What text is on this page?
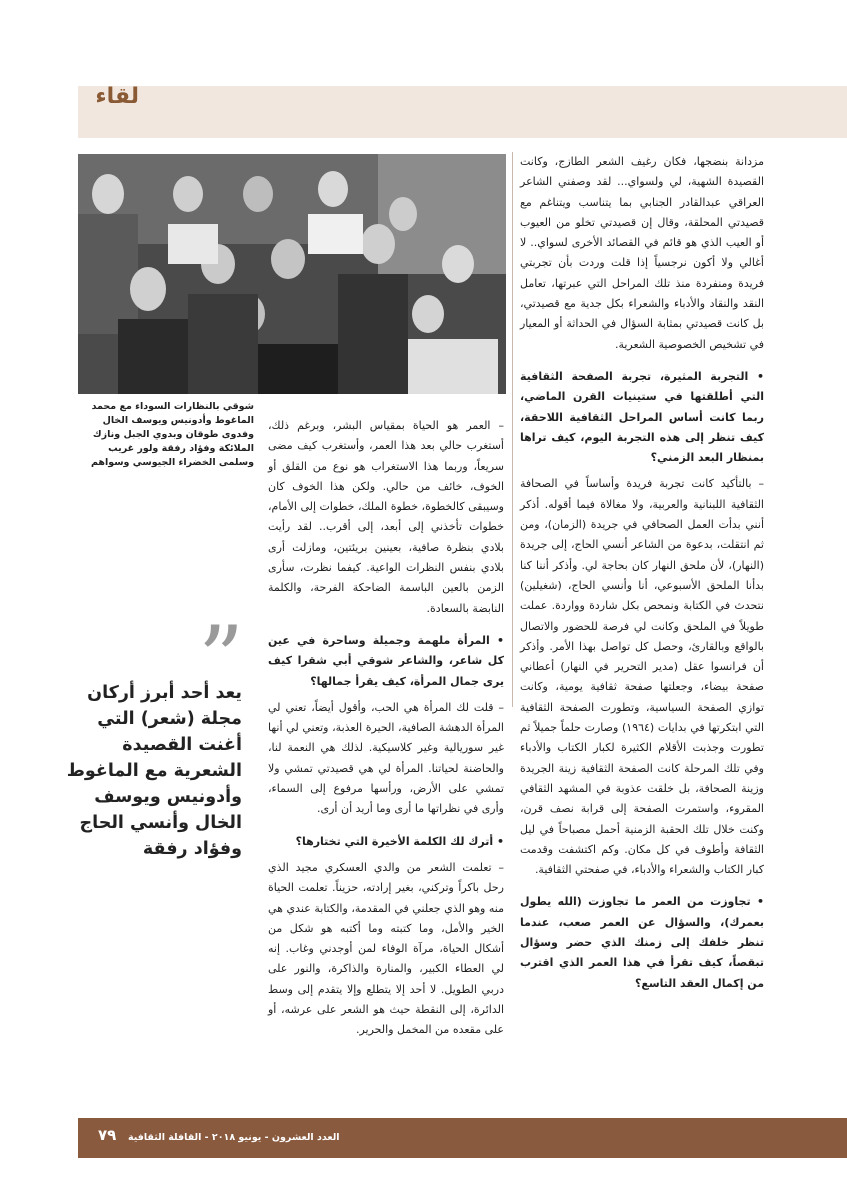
لقاء
شوقي بالنظارات السوداء مع محمد الماغوط وأدونيس ويوسف الخال وفدوى طوقان وبدوي الجبل ونازك الملائكة وفؤاد رفقة ولور غريب وسلمى الخضراء الجيوسي وسواهم
”
يعد أحد أبرز أركان مجلة (شعر) التي أغنت القصيدة الشعرية مع الماغوط وأدونيس ويوسف الخال وأنسي الحاج وفؤاد رفقة

مزدانة بنضجها، فكان رغيف الشعر الطازج، وكانت القصيدة الشهية، لي ولسواي... لقد وصفني الشاعر العراقي عبدالقادر الجنابي بما يتناسب ويتناغم مع قصيدتي المحلقة، وقال إن قصيدتي تخلو من العيوب أو العيب الذي هو قائم في القصائد الأخرى لسواي.. لا أغالي ولا أكون نرجسياً إذا قلت وردت بأن تجربتي فريدة ومنفردة منذ تلك المراحل التي عبرتها، تعامل النقد والنقاد والأدباء والشعراء بكل جدية مع قصيدتي، بل كانت قصيدتي بمثابة السؤال في الحداثة أو المعيار في تشخيص الخصوصية الشعرية.

• التجربة المثيرة، تجربة الصفحة الثقافية التي أطلقتها في ستينيات القرن الماضي، ربما كانت أساس المراحل الثقافية اللاحقة، كيف تنظر إلى هذه التجربة اليوم، كيف تراها بمنظار البعد الزمني؟

– بالتأكيد كانت تجربة فريدة وأساساً في الصحافة الثقافية اللبنانية والعربية، ولا مغالاة فيما أقوله. أذكر أنني بدأت العمل الصحافي في جريدة (الزمان)، ومن ثم انتقلت، بدعوة من الشاعر أنسي الحاج، إلى جريدة (النهار)، لأن ملحق النهار كان بحاجة لي. وأذكر أننا كنا بدأنا الملحق الأسبوعي، أنا وأنسي الحاج، (شغيلين) نتحدث في الكتابة ونمحص بكل شاردة وواردة. عملت طويلاً في الملحق وكانت لي فرصة للحضور والاتصال بالواقع وبالقارئ، وحصل كل تواصل بهذا الأمر. وأذكر أن فرانسوا عقل (مدير التحرير في النهار) أعطاني صفحة بيضاء، وجعلتها صفحة ثقافية يومية، وكانت توازي الصفحة السياسية، وتطورت الصفحة الثقافية التي ابتكرتها في بدايات (١٩٦٤) وصارت حلماً جميلاً ثم تطورت وجذبت الأقلام الكثيرة لكبار الكتاب والأدباء وفي تلك المرحلة كانت الصفحة الثقافية زينة الجريدة وزينة الصحافة، بل خلقت عذوبة في المشهد الثقافي المقروء، واستمرت الصفحة إلى قرابة نصف قرن، وكنت خلال تلك الحقبة الزمنية أحمل مصباحاً في ليل الثقافة وأطوف في كل مكان. وكم اكتشفت وقدمت كبار الكتاب والشعراء والأدباء، في صفحتي الثقافية.

• تجاوزت من العمر ما تجاوزت (الله يطول بعمرك)، والسؤال عن العمر صعب، عندما تنظر خلفك إلى زمنك الذي حضر وسؤال تبقصاً، كيف تقرأ في هذا العمر الذي اقترب من إكمال العقد التاسع؟

– العمر هو الحياة بمقياس البشر، وبرغم ذلك، أستغرب حالي بعد هذا العمر، وأستغرب كيف مضى سريعاً، وربما هذا الاستغراب هو نوع من القلق أو الخوف، خائف من حالي. ولكن هذا الخوف كان وسيبقى كالخطوة، خطوة الملك، خطوات إلى الأمام، خطوات تأخذني إلى أبعد، إلى أقرب.. لقد رأيت بلادي بنظرة صافية، بعينين بريئتين، ومازلت أرى بلادي بنفس النظرات الواعية. كيفما نظرت، سأرى الزمن بالعين الباسمة الضاحكة الفرحة، والكلمة النابضة بالسعادة.

• المرأة ملهمة وجميلة وساحرة في عين كل شاعر، والشاعر شوقي أبي شقرا كيف يرى جمال المرأة، كيف يقرأ جمالها؟

– قلت لك المرأة هي الحب، وأقول أيضاً، تعني لي المرأة الدهشة الصافية، الحيرة العذبة، وتعني لي أنها غير سوريالية وغير كلاسيكية. لذلك هي النعمة لنا، والحاضنة لحياتنا. المرأة لي هي قصيدتي تمشي ولا تمشي على الأرض، ورأسها مرفوع إلى السماء، وأرى في نظراتها ما أرى وما أريد أن أرى.

• أترك لك الكلمة الأخيرة التي تختارها؟

– تعلمت الشعر من والدي العسكري مجيد الذي رحل باكراً وتركني، بغير إرادته، حزيناً. تعلمت الحياة منه وهو الذي جعلني في المقدمة، والكتابة عندي هي الخير والأمل، وما كتبته وما أكتبه هو شكل من أشكال الحياة، مرآة الوفاء لمن أوجدني وغاب. إنه لي العطاء الكبير، والمنارة والذاكرة، والنور على دربي الطويل. لا أحد إلا يتطلع وإلا يتقدم إلى وسط الدائرة، إلى النقطة حيث هو الشعر على عرشه، أو على مقعده من المخمل والحرير.

٧٩ العدد العشرون - يونيو ٢٠١٨ - القافلة الثقافية
